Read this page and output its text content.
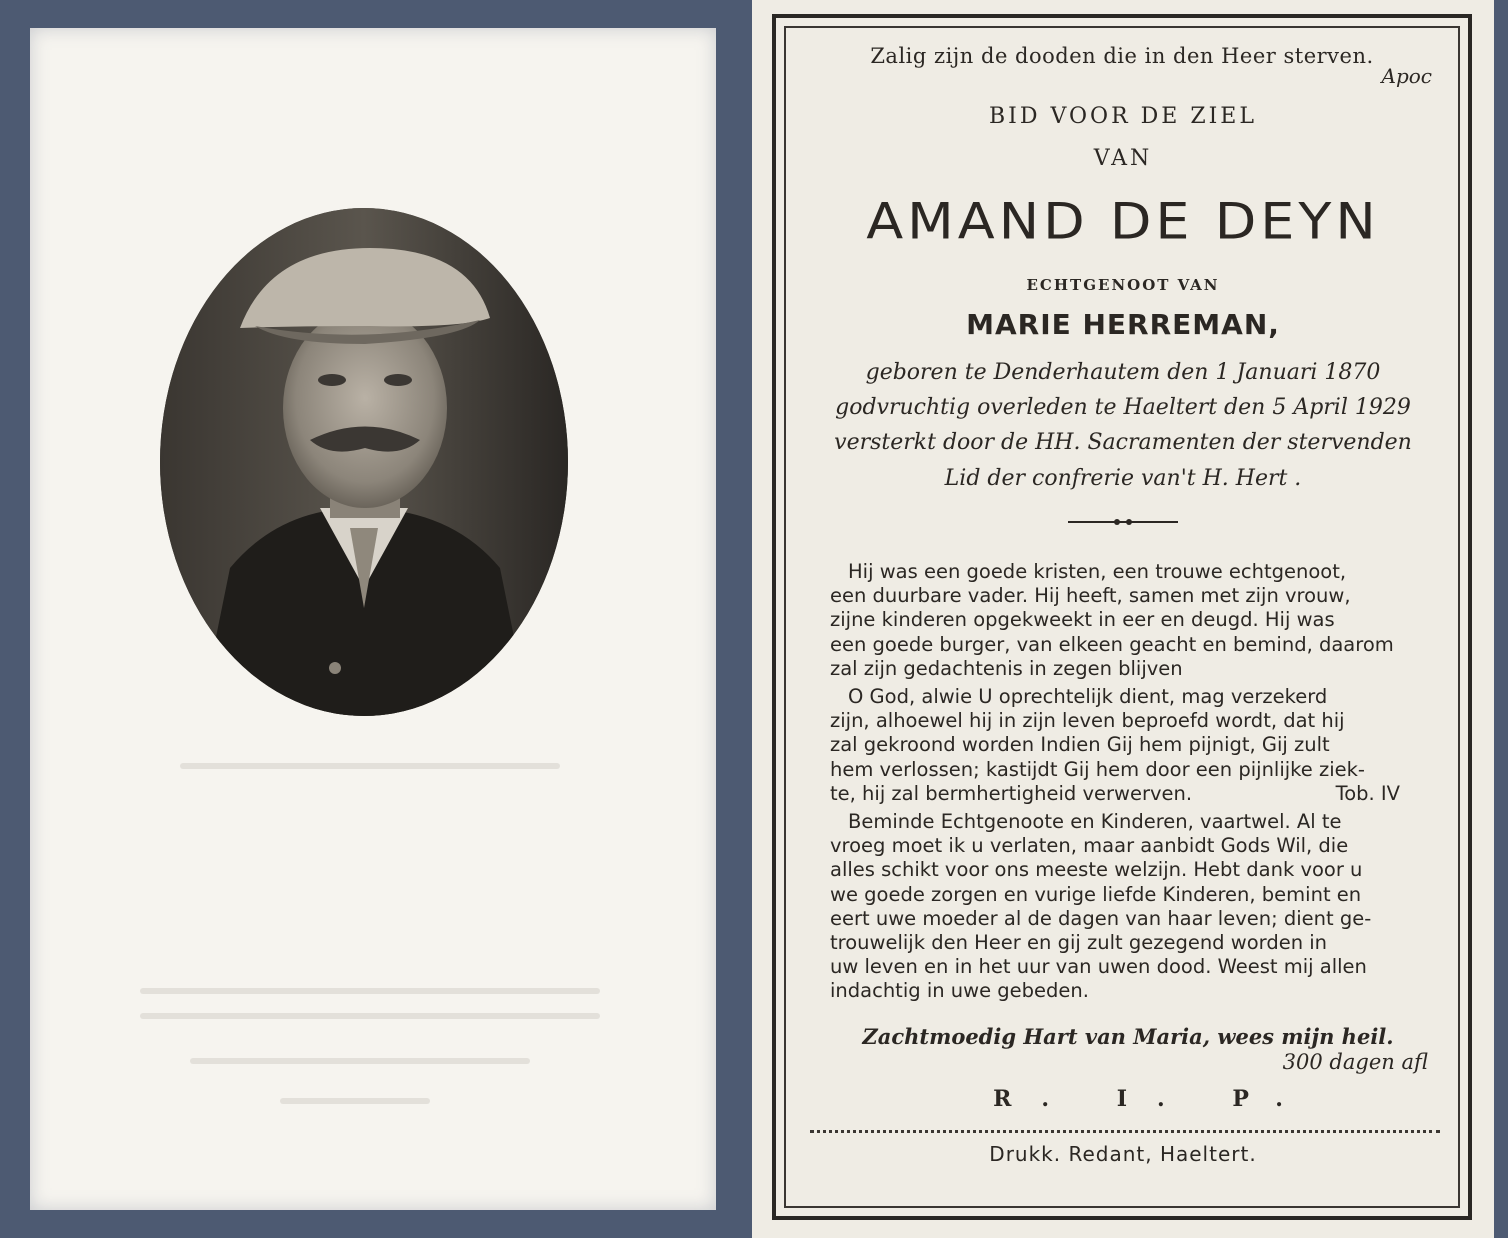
Zalig zijn de dooden die in den Heer sterven.
Apoc
BID VOOR DE ZIEL
VAN
AMAND DE DEYN
ECHTGENOOT VAN
MARIE HERREMAN,
geboren te Denderhautem den 1 Januari 1870
godvruchtig overleden te Haeltert den 5 April 1929
versterkt door de HH. Sacramenten der stervenden
Lid der confrerie van't H. Hert .

Hij was een goede kristen, een trouwe echtgenoot,
een duurbare vader. Hij heeft, samen met zijn vrouw,
zijne kinderen opgekweekt in eer en deugd. Hij was
een goede burger, van elkeen geacht en bemind, daarom
zal zijn gedachtenis in zegen blijven

O God, alwie U oprechtelijk dient, mag verzekerd
zijn, alhoewel hij in zijn leven beproefd wordt, dat hij
zal gekroond worden Indien Gij hem pijnigt, Gij zult
hem verlossen; kastijdt Gij hem door een pijnlijke ziek-
te, hij zal bermhertigheid verwerven.	Tob. IV

Beminde Echtgenoote en Kinderen, vaartwel. Al te
vroeg moet ik u verlaten, maar aanbidt Gods Wil, die
alles schikt voor ons meeste welzijn. Hebt dank voor u
we goede zorgen en vurige liefde Kinderen, bemint en
eert uwe moeder al de dagen van haar leven; dient ge-
trouwelijk den Heer en gij zult gezegend worden in
uw leven en in het uur van uwen dood. Weest mij allen
indachtig in uwe gebeden.

Zachtmoedig Hart van Maria, wees mijn heil.
300 dagen afl
R. I. P.
Drukk. Redant, Haeltert.
